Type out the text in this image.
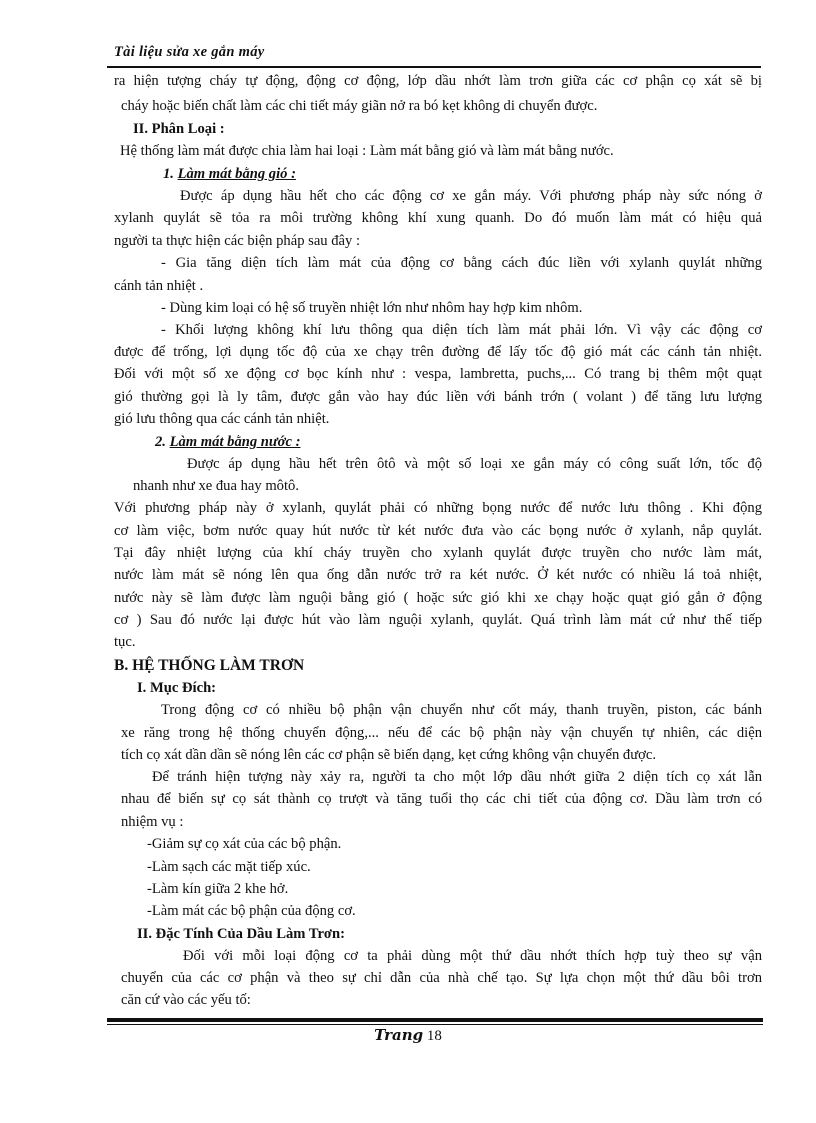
Tài liệu sửa xe gắn máy
ra hiện tượng cháy tự động, động cơ động, lớp dầu nhớt làm trơn giữa các cơ phận cọ xát sẽ bị
cháy hoặc biến chất làm các chi tiết máy giãn nở ra bó kẹt không di chuyển được.
II. Phân Loại :
Hệ thống làm mát được chia làm hai loại : Làm mát bằng gió và làm mát bằng nước.
1. Làm mát bằng gió :
Được áp dụng hầu hết cho các động cơ xe gắn máy. Với phương pháp này sức nóng ở
xylanh quylát sẽ tỏa ra môi trường không khí xung quanh. Do đó muốn làm mát có hiệu quả
người ta thực hiện các biện pháp sau đây :
- Gia tăng diện tích làm mát của động cơ bằng cách đúc liền với xylanh quylát những
cánh tản nhiệt .
- Dùng kim loại có hệ số truyền nhiệt lớn như nhôm hay hợp kim nhôm.
- Khối lượng không khí lưu thông qua diện tích làm mát phải lớn. Vì vậy các động cơ
được để trống, lợi dụng tốc độ của xe chạy trên đường để lấy tốc độ gió mát các cánh tản nhiệt.
Đối với một số xe động cơ bọc kính như : vespa, lambretta, puchs,... Có trang bị thêm một quạt
gió thường gọi là ly tâm, được gắn vào hay đúc liền với bánh trớn ( volant ) để tăng lưu lượng
gió lưu thông qua các cánh tản nhiệt.
2. Làm mát bằng nước :
Được áp dụng hầu hết trên ôtô và một số loại xe gắn máy có công suất lớn, tốc độ
nhanh như xe đua hay môtô.
Với phương pháp này ở xylanh, quylát phải có những bọng nước để nước lưu thông . Khi động
cơ làm việc, bơm nước quay hút nước từ két nước đưa vào các bọng nước ở xylanh, nắp quylát.
Tại đây nhiệt lượng của khí cháy truyền cho xylanh quylát được truyền cho nước làm mát,
nước làm mát sẽ nóng lên qua ống dẫn nước trở ra két nước. Ở két nước có nhiều lá toả nhiệt,
nước này sẽ làm được làm nguội bằng gió ( hoặc sức gió khi xe chạy hoặc quạt gió gắn ở động
cơ ) Sau đó nước lại được hút vào làm nguội xylanh, quylát. Quá trình làm mát cứ như thế tiếp
tục.
B. HỆ THỐNG LÀM TRƠN
I. Mục Đích:
Trong động cơ có nhiều bộ phận vận chuyển như cốt máy, thanh truyền, piston, các bánh
xe răng trong hệ thống chuyển động,... nếu để các bộ phận này vận chuyển tự nhiên, các diện
tích cọ xát dần dần sẽ nóng lên các cơ phận sẽ biến dạng, kẹt cứng không vận chuyển được.
Để tránh hiện tượng này xảy ra, người ta cho một lớp dầu nhớt giữa 2 diện tích cọ xát lẫn
nhau để biến sự cọ sát thành cọ trượt và tăng tuổi thọ các chi tiết của động cơ. Dầu làm trơn có
nhiệm vụ :
-Giảm sự cọ xát của các bộ phận.
-Làm sạch các mặt tiếp xúc.
-Làm kín giữa 2 khe hở.
-Làm mát các bộ phận của động cơ.
II. Đặc Tính Của Dầu Làm Trơn:
Đối với mỗi loại động cơ ta phải dùng một thứ dầu nhớt thích hợp tuỳ theo sự vận
chuyển của các cơ phận và theo sự chỉ dẫn của nhà chế tạo. Sự lựa chọn một thứ dầu bôi trơn
căn cứ vào các yếu tố:
Trang 18
